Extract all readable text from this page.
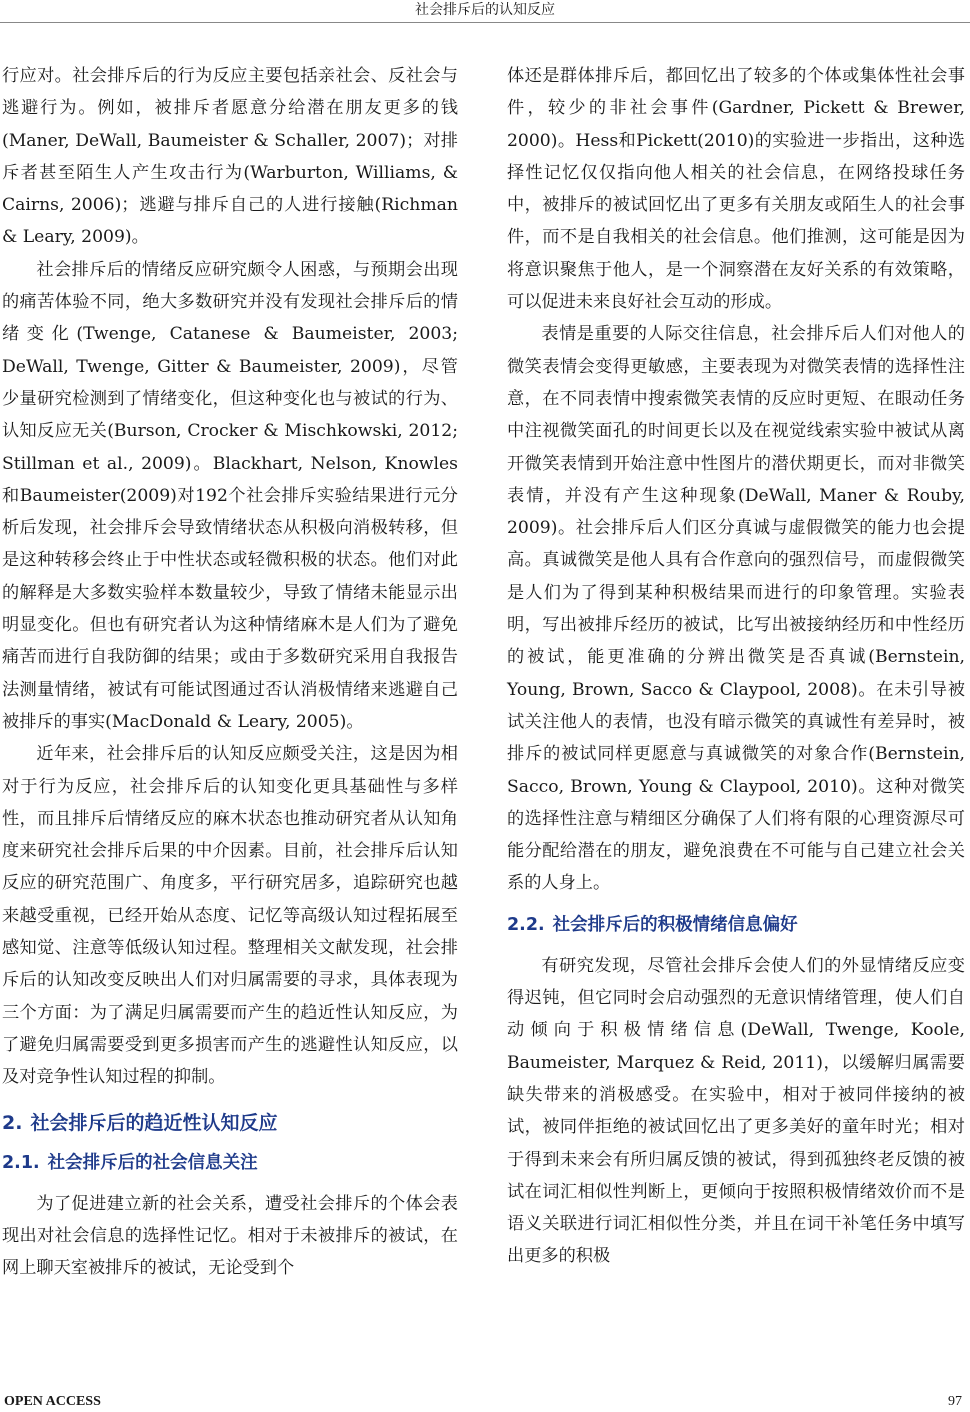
社会排斥后的认知反应

行应对。社会排斥后的行为反应主要包括亲社会、反社会与逃避行为。例如，被排斥者愿意分给潜在朋友更多的钱(Maner, DeWall, Baumeister & Schaller, 2007)；对排斥者甚至陌生人产生攻击行为(Warburton, Williams, & Cairns, 2006)；逃避与排斥自己的人进行接触(Richman & Leary, 2009)。

社会排斥后的情绪反应研究颇令人困惑，与预期会出现的痛苦体验不同，绝大多数研究并没有发现社会排斥后的情绪变化(Twenge, Catanese & Baumeister, 2003; DeWall, Twenge, Gitter & Baumeister, 2009)，尽管少量研究检测到了情绪变化，但这种变化也与被试的行为、认知反应无关(Burson, Crocker & Mischkowski, 2012; Stillman et al., 2009)。Blackhart, Nelson, Knowles和Baumeister(2009)对192个社会排斥实验结果进行元分析后发现，社会排斥会导致情绪状态从积极向消极转移，但是这种转移会终止于中性状态或轻微积极的状态。他们对此的解释是大多数实验样本数量较少，导致了情绪未能显示出明显变化。但也有研究者认为这种情绪麻木是人们为了避免痛苦而进行自我防御的结果；或由于多数研究采用自我报告法测量情绪，被试有可能试图通过否认消极情绪来逃避自己被排斥的事实(MacDonald & Leary, 2005)。

近年来，社会排斥后的认知反应颇受关注，这是因为相对于行为反应，社会排斥后的认知变化更具基础性与多样性，而且排斥后情绪反应的麻木状态也推动研究者从认知角度来研究社会排斥后果的中介因素。目前，社会排斥后认知反应的研究范围广、角度多，平行研究居多，追踪研究也越来越受重视，已经开始从态度、记忆等高级认知过程拓展至感知觉、注意等低级认知过程。整理相关文献发现，社会排斥后的认知改变反映出人们对归属需要的寻求，具体表现为三个方面：为了满足归属需要而产生的趋近性认知反应，为了避免归属需要受到更多损害而产生的逃避性认知反应，以及对竞争性认知过程的抑制。

2. 社会排斥后的趋近性认知反应
2.1. 社会排斥后的社会信息关注

为了促进建立新的社会关系，遭受社会排斥的个体会表现出对社会信息的选择性记忆。相对于未被排斥的被试，在网上聊天室被排斥的被试，无论受到个

体还是群体排斥后，都回忆出了较多的个体或集体性社会事件，较少的非社会事件(Gardner, Pickett & Brewer, 2000)。Hess和Pickett(2010)的实验进一步指出，这种选择性记忆仅仅指向他人相关的社会信息，在网络投球任务中，被排斥的被试回忆出了更多有关朋友或陌生人的社会事件，而不是自我相关的社会信息。他们推测，这可能是因为将意识聚焦于他人，是一个洞察潜在友好关系的有效策略，可以促进未来良好社会互动的形成。

表情是重要的人际交往信息，社会排斥后人们对他人的微笑表情会变得更敏感，主要表现为对微笑表情的选择性注意，在不同表情中搜索微笑表情的反应时更短、在眼动任务中注视微笑面孔的时间更长以及在视觉线索实验中被试从离开微笑表情到开始注意中性图片的潜伏期更长，而对非微笑表情，并没有产生这种现象(DeWall, Maner & Rouby, 2009)。社会排斥后人们区分真诚与虚假微笑的能力也会提高。真诚微笑是他人具有合作意向的强烈信号，而虚假微笑是人们为了得到某种积极结果而进行的印象管理。实验表明，写出被排斥经历的被试，比写出被接纳经历和中性经历的被试，能更准确的分辨出微笑是否真诚(Bernstein, Young, Brown, Sacco & Claypool, 2008)。在未引导被试关注他人的表情，也没有暗示微笑的真诚性有差异时，被排斥的被试同样更愿意与真诚微笑的对象合作(Bernstein, Sacco, Brown, Young & Claypool, 2010)。这种对微笑的选择性注意与精细区分确保了人们将有限的心理资源尽可能分配给潜在的朋友，避免浪费在不可能与自己建立社会关系的人身上。

2.2. 社会排斥后的积极情绪信息偏好

有研究发现，尽管社会排斥会使人们的外显情绪反应变得迟钝，但它同时会启动强烈的无意识情绪管理，使人们自动倾向于积极情绪信息(DeWall, Twenge, Koole, Baumeister, Marquez & Reid, 2011)，以缓解归属需要缺失带来的消极感受。在实验中，相对于被同伴接纳的被试，被同伴拒绝的被试回忆出了更多美好的童年时光；相对于得到未来会有所归属反馈的被试，得到孤独终老反馈的被试在词汇相似性判断上，更倾向于按照积极情绪效价而不是语义关联进行词汇相似性分类，并且在词干补笔任务中填写出更多的积极

OPEN ACCESS	97
